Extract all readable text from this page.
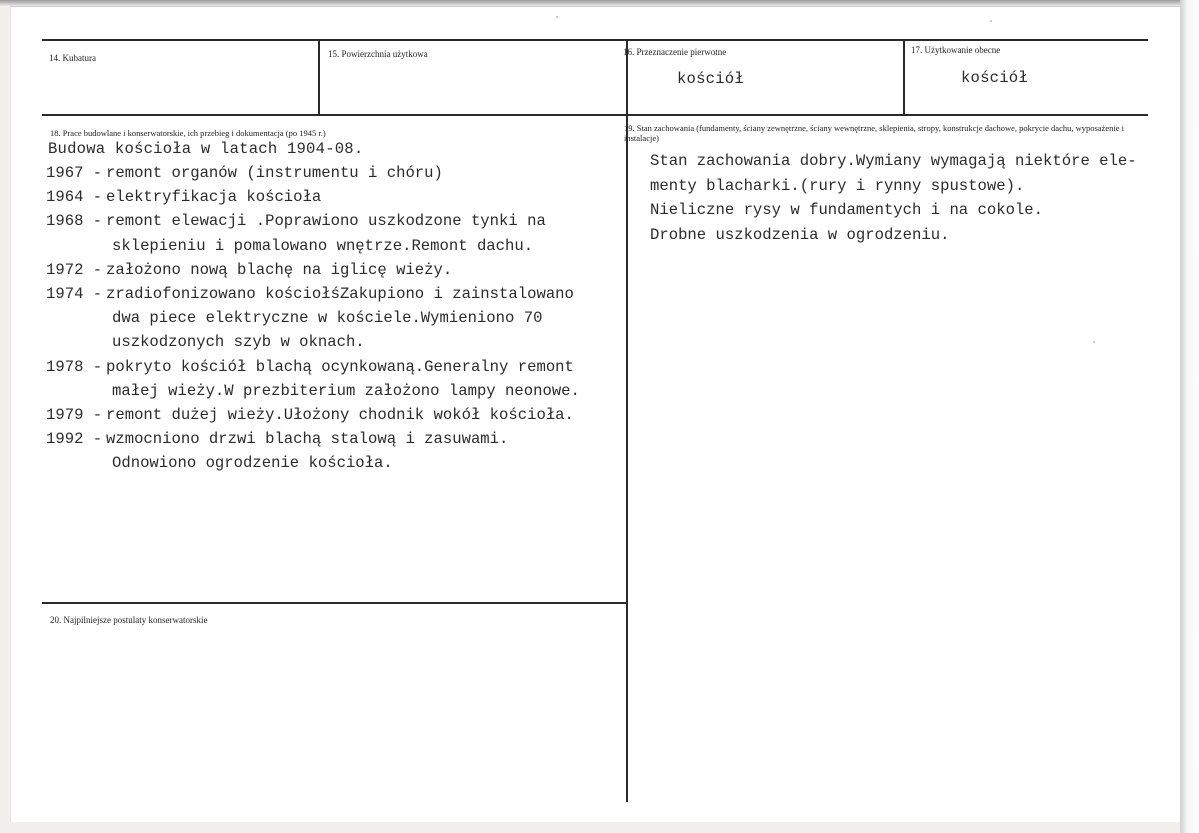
14. Kubatura	15. Powierzchnia użytkowa	16. Przeznaczenie pierwotne
kościół
17. Użytkowanie obecne
kościół
18. Prace budowlane i konserwatorskie, ich przebieg i dokumentacja (po 1945 r.)
Budowa kościoła w latach 1904-08.
1967 - remont organów (instrumentu i chóru)
1964 - elektryfikacja kościoła
1968 - remont elewacji .Poprawiono uszkodzone tynki na
sklepieniu i pomalowano wnętrze.Remont dachu.
1972 - założono nową blachę na iglicę wieży.
1974 - zradiofonizowano kościołśZakupiono i zainstalowano
dwa piece elektryczne w kościele.Wymieniono 70
uszkodzonych szyb w oknach.
1978 - pokryto kościół blachą ocynkowaną.Generalny remont
małej wieży.W prezbiterium założono lampy neonowe.
1979 - remont dużej wieży.Ułożony chodnik wokół kościoła.
1992 - wzmocniono drzwi blachą stalową i zasuwami.
Odnowiono ogrodzenie kościoła.
19. Stan zachowania (fundamenty, ściany zewnętrzne, ściany wewnętrzne, sklepienia, stropy, konstrukcje dachowe, pokrycie dachu, wyposażenie i instalacje)
Stan zachowania dobry.Wymiany wymagają niektóre ele-
menty blacharki.(rury i rynny spustowe).
Nieliczne rysy w fundamentych i na cokole.
Drobne uszkodzenia w ogrodzeniu.
20. Najpilniejsze postulaty konserwatorskie
